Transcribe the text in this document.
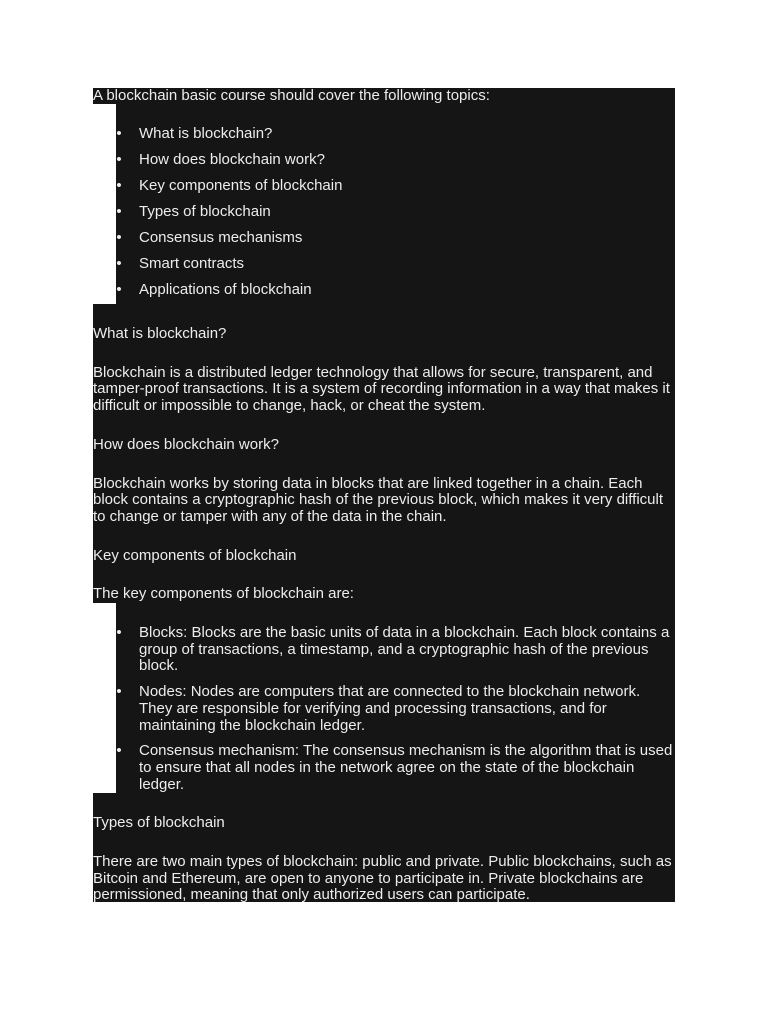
A blockchain basic course should cover the following topics:

• What is blockchain?
• How does blockchain work?
• Key components of blockchain
• Types of blockchain
• Consensus mechanisms
• Smart contracts
• Applications of blockchain

What is blockchain?

Blockchain is a distributed ledger technology that allows for secure, transparent, and tamper-proof transactions. It is a system of recording information in a way that makes it difficult or impossible to change, hack, or cheat the system.

How does blockchain work?

Blockchain works by storing data in blocks that are linked together in a chain. Each block contains a cryptographic hash of the previous block, which makes it very difficult to change or tamper with any of the data in the chain.

Key components of blockchain

The key components of blockchain are:

• Blocks: Blocks are the basic units of data in a blockchain. Each block contains a group of transactions, a timestamp, and a cryptographic hash of the previous block.
• Nodes: Nodes are computers that are connected to the blockchain network. They are responsible for verifying and processing transactions, and for maintaining the blockchain ledger.
• Consensus mechanism: The consensus mechanism is the algorithm that is used to ensure that all nodes in the network agree on the state of the blockchain ledger.

Types of blockchain

There are two main types of blockchain: public and private. Public blockchains, such as Bitcoin and Ethereum, are open to anyone to participate in. Private blockchains are permissioned, meaning that only authorized users can participate.
